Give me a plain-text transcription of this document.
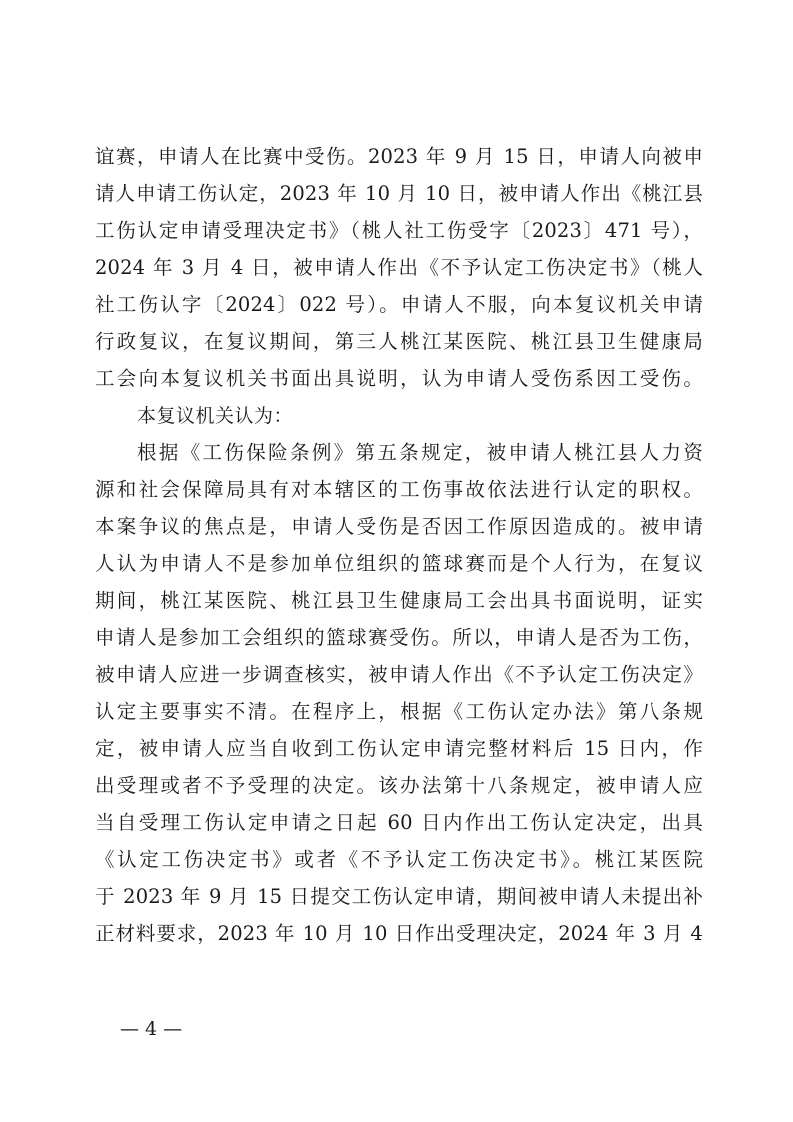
谊赛，申请人在比赛中受伤。2023 年 9 月 15 日，申请人向被申
请人申请工伤认定，2023 年 10 月 10 日，被申请人作出《桃江县
工伤认定申请受理决定书》（桃人社工伤受字〔2023〕471 号），
2024 年 3 月 4 日，被申请人作出《不予认定工伤决定书》（桃人
社工伤认字〔2024〕022 号）。申请人不服，向本复议机关申请
行政复议，在复议期间，第三人桃江某医院、桃江县卫生健康局
工会向本复议机关书面出具说明，认为申请人受伤系因工受伤。
本复议机关认为：
根据《工伤保险条例》第五条规定，被申请人桃江县人力资
源和社会保障局具有对本辖区的工伤事故依法进行认定的职权。
本案争议的焦点是，申请人受伤是否因工作原因造成的。被申请
人认为申请人不是参加单位组织的篮球赛而是个人行为，在复议
期间，桃江某医院、桃江县卫生健康局工会出具书面说明，证实
申请人是参加工会组织的篮球赛受伤。所以，申请人是否为工伤，
被申请人应进一步调查核实，被申请人作出《不予认定工伤决定》
认定主要事实不清。在程序上，根据《工伤认定办法》第八条规
定，被申请人应当自收到工伤认定申请完整材料后 15 日内，作
出受理或者不予受理的决定。该办法第十八条规定，被申请人应
当自受理工伤认定申请之日起 60 日内作出工伤认定决定，出具
《认定工伤决定书》或者《不予认定工伤决定书》。桃江某医院
于 2023 年 9 月 15 日提交工伤认定申请，期间被申请人未提出补
正材料要求，2023 年 10 月 10 日作出受理决定，2024 年 3 月 4
— 4 —
